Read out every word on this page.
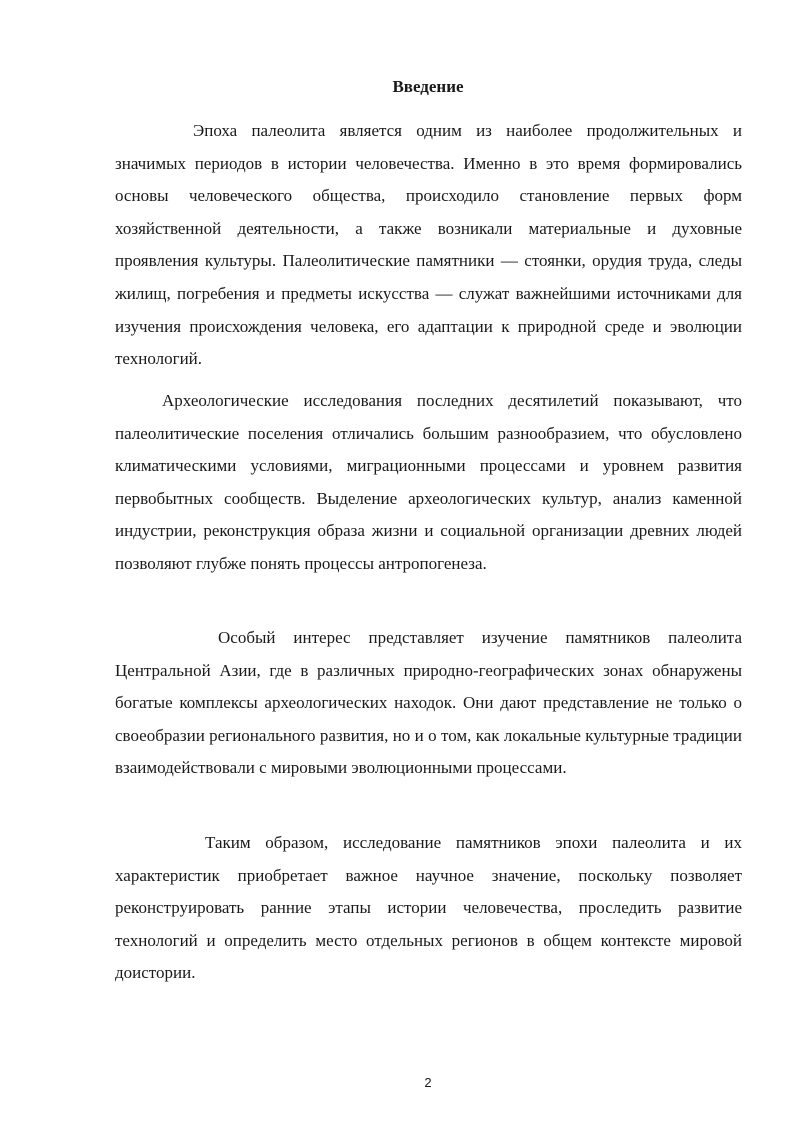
Введение

Эпоха палеолита является одним из наиболее продолжительных и значимых периодов в истории человечества. Именно в это время формировались основы человеческого общества, происходило становление первых форм хозяйственной деятельности, а также возникали материальные и духовные проявления культуры. Палеолитические памятники — стоянки, орудия труда, следы жилищ, погребения и предметы искусства — служат важнейшими источниками для изучения происхождения человека, его адаптации к природной среде и эволюции технологий.

Археологические исследования последних десятилетий показывают, что палеолитические поселения отличались большим разнообразием, что обусловлено климатическими условиями, миграционными процессами и уровнем развития первобытных сообществ. Выделение археологических культур, анализ каменной индустрии, реконструкция образа жизни и социальной организации древних людей позволяют глубже понять процессы антропогенеза.

Особый интерес представляет изучение памятников палеолита Центральной Азии, где в различных природно-географических зонах обнаружены богатые комплексы археологических находок. Они дают представление не только о своеобразии регионального развития, но и о том, как локальные культурные традиции взаимодействовали с мировыми эволюционными процессами.

Таким образом, исследование памятников эпохи палеолита и их характеристик приобретает важное научное значение, поскольку позволяет реконструировать ранние этапы истории человечества, проследить развитие технологий и определить место отдельных регионов в общем контексте мировой доистории.

2
